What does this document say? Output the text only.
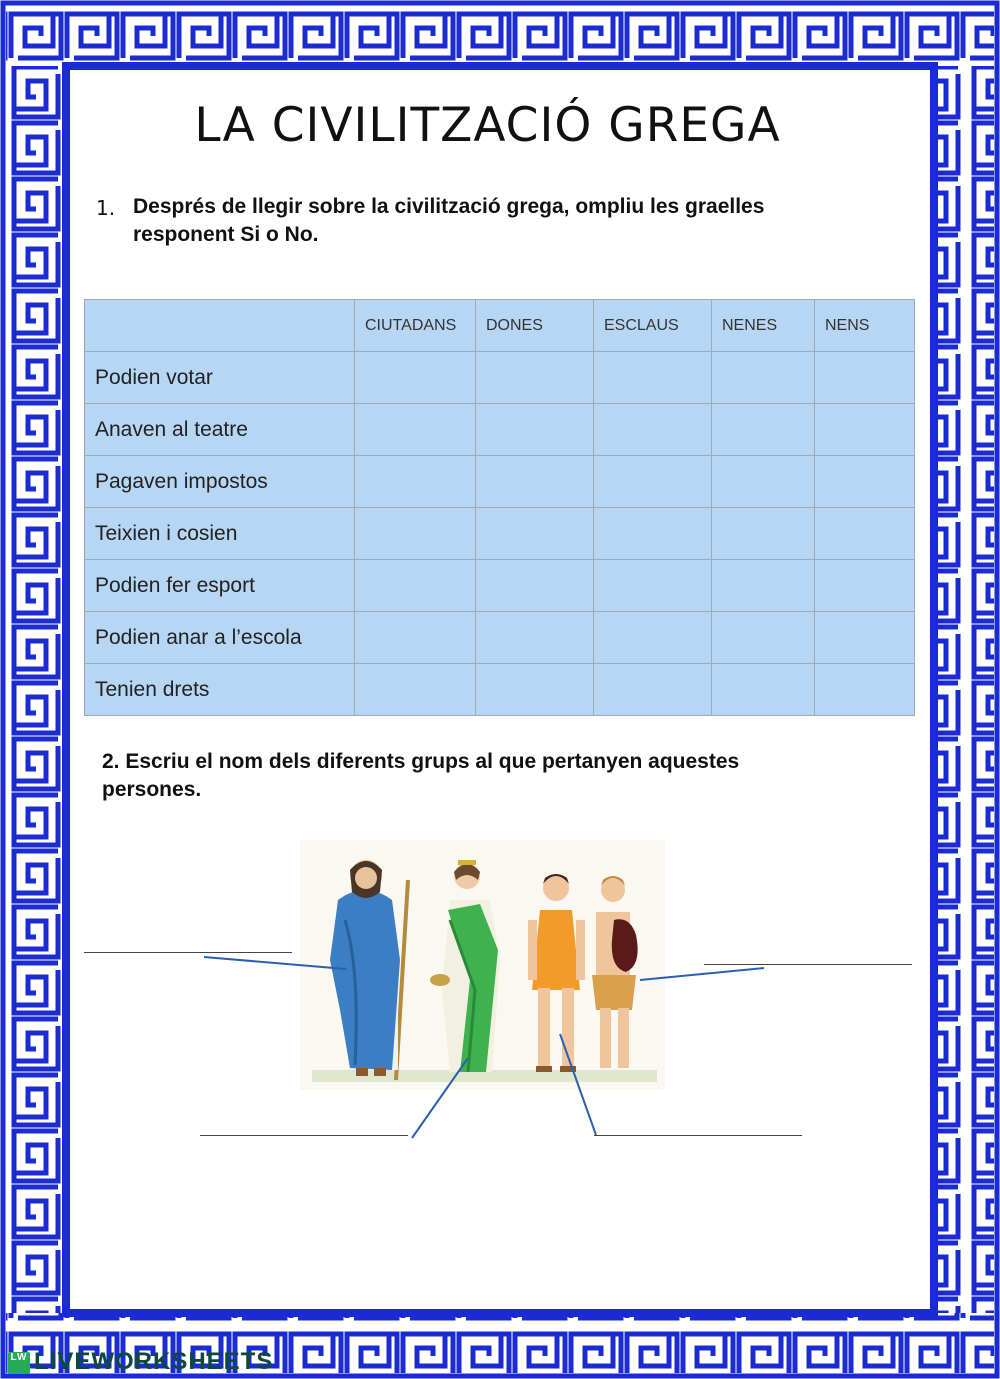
LA CIVILITZACIÓ GREGA
1. Després de llegir sobre la civilització grega, ompliu les graelles
responent Si o No.
	CIUTADANS	DONES	ESCLAUS	NENES	NENS
Podien votar					
Anaven al teatre					
Pagaven impostos					
Teixien i cosien					
Podien fer esport					
Podien anar a l’escola					
Tenien drets					
2. Escriu el nom dels diferents grups al que pertanyen aquestes
persones.
LW LIVEWORKSHEETS
